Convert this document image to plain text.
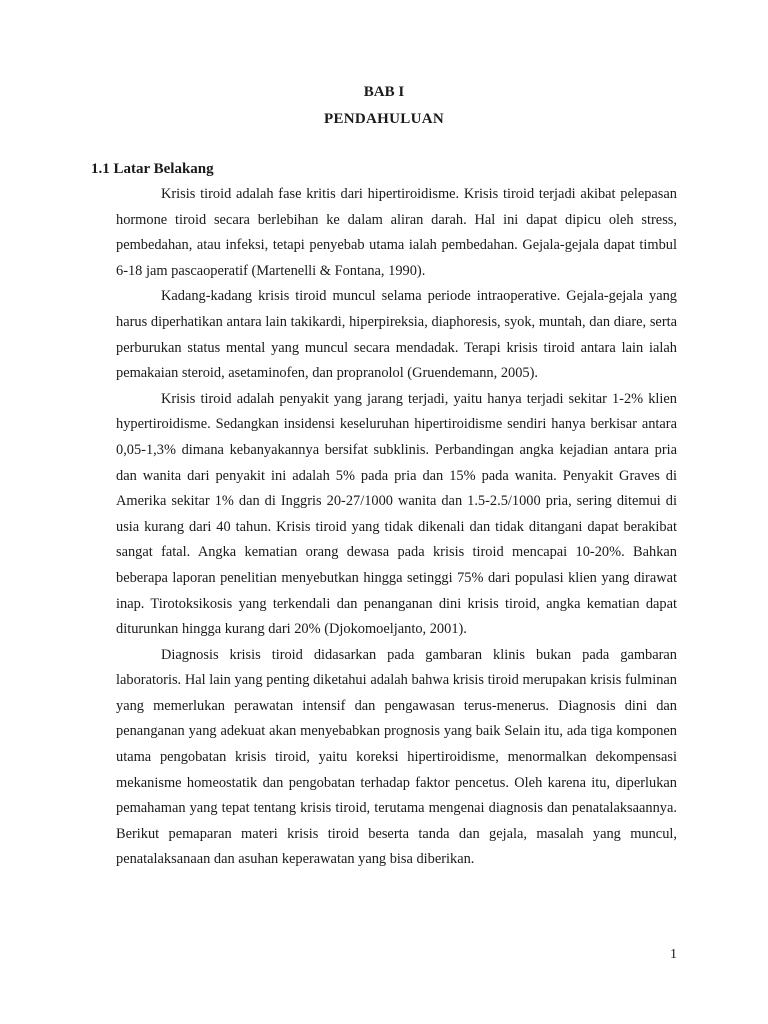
BAB I
PENDAHULUAN
1.1 Latar Belakang

Krisis tiroid adalah fase kritis dari hipertiroidisme. Krisis tiroid terjadi akibat pelepasan hormone tiroid secara berlebihan ke dalam aliran darah. Hal ini dapat dipicu oleh stress, pembedahan, atau infeksi, tetapi penyebab utama ialah pembedahan. Gejala-gejala dapat timbul 6-18 jam pascaoperatif (Martenelli & Fontana, 1990).

Kadang-kadang krisis tiroid muncul selama periode intraoperative. Gejala-gejala yang harus diperhatikan antara lain takikardi, hiperpireksia, diaphoresis, syok, muntah, dan diare, serta perburukan status mental yang muncul secara mendadak. Terapi krisis tiroid antara lain ialah pemakaian steroid, asetaminofen, dan propranolol (Gruendemann, 2005).

Krisis tiroid adalah penyakit yang jarang terjadi, yaitu hanya terjadi sekitar 1-2% klien hypertiroidisme. Sedangkan insidensi keseluruhan hipertiroidisme sendiri hanya berkisar antara 0,05-1,3% dimana kebanyakannya bersifat subklinis. Perbandingan angka kejadian antara pria dan wanita dari penyakit ini adalah 5% pada pria dan 15% pada wanita. Penyakit Graves di Amerika sekitar 1% dan di Inggris 20-27/1000 wanita dan 1.5-2.5/1000 pria, sering ditemui di usia kurang dari 40 tahun. Krisis tiroid yang tidak dikenali dan tidak ditangani dapat berakibat sangat fatal. Angka kematian orang dewasa pada krisis tiroid mencapai 10-20%. Bahkan beberapa laporan penelitian menyebutkan hingga setinggi 75% dari populasi klien yang dirawat inap. Tirotoksikosis yang terkendali dan penanganan dini krisis tiroid, angka kematian dapat diturunkan hingga kurang dari 20% (Djokomoeljanto, 2001).

Diagnosis krisis tiroid didasarkan pada gambaran klinis bukan pada gambaran laboratoris. Hal lain yang penting diketahui adalah bahwa krisis tiroid merupakan krisis fulminan yang memerlukan perawatan intensif dan pengawasan terus-menerus. Diagnosis dini dan penanganan yang adekuat akan menyebabkan prognosis yang baik Selain itu, ada tiga komponen utama pengobatan krisis tiroid, yaitu koreksi hipertiroidisme, menormalkan dekompensasi mekanisme homeostatik dan pengobatan terhadap faktor pencetus. Oleh karena itu, diperlukan pemahaman yang tepat tentang krisis tiroid, terutama mengenai diagnosis dan penatalaksaannya. Berikut pemaparan materi krisis tiroid beserta tanda dan gejala, masalah yang muncul, penatalaksanaan dan asuhan keperawatan yang bisa diberikan.

1
